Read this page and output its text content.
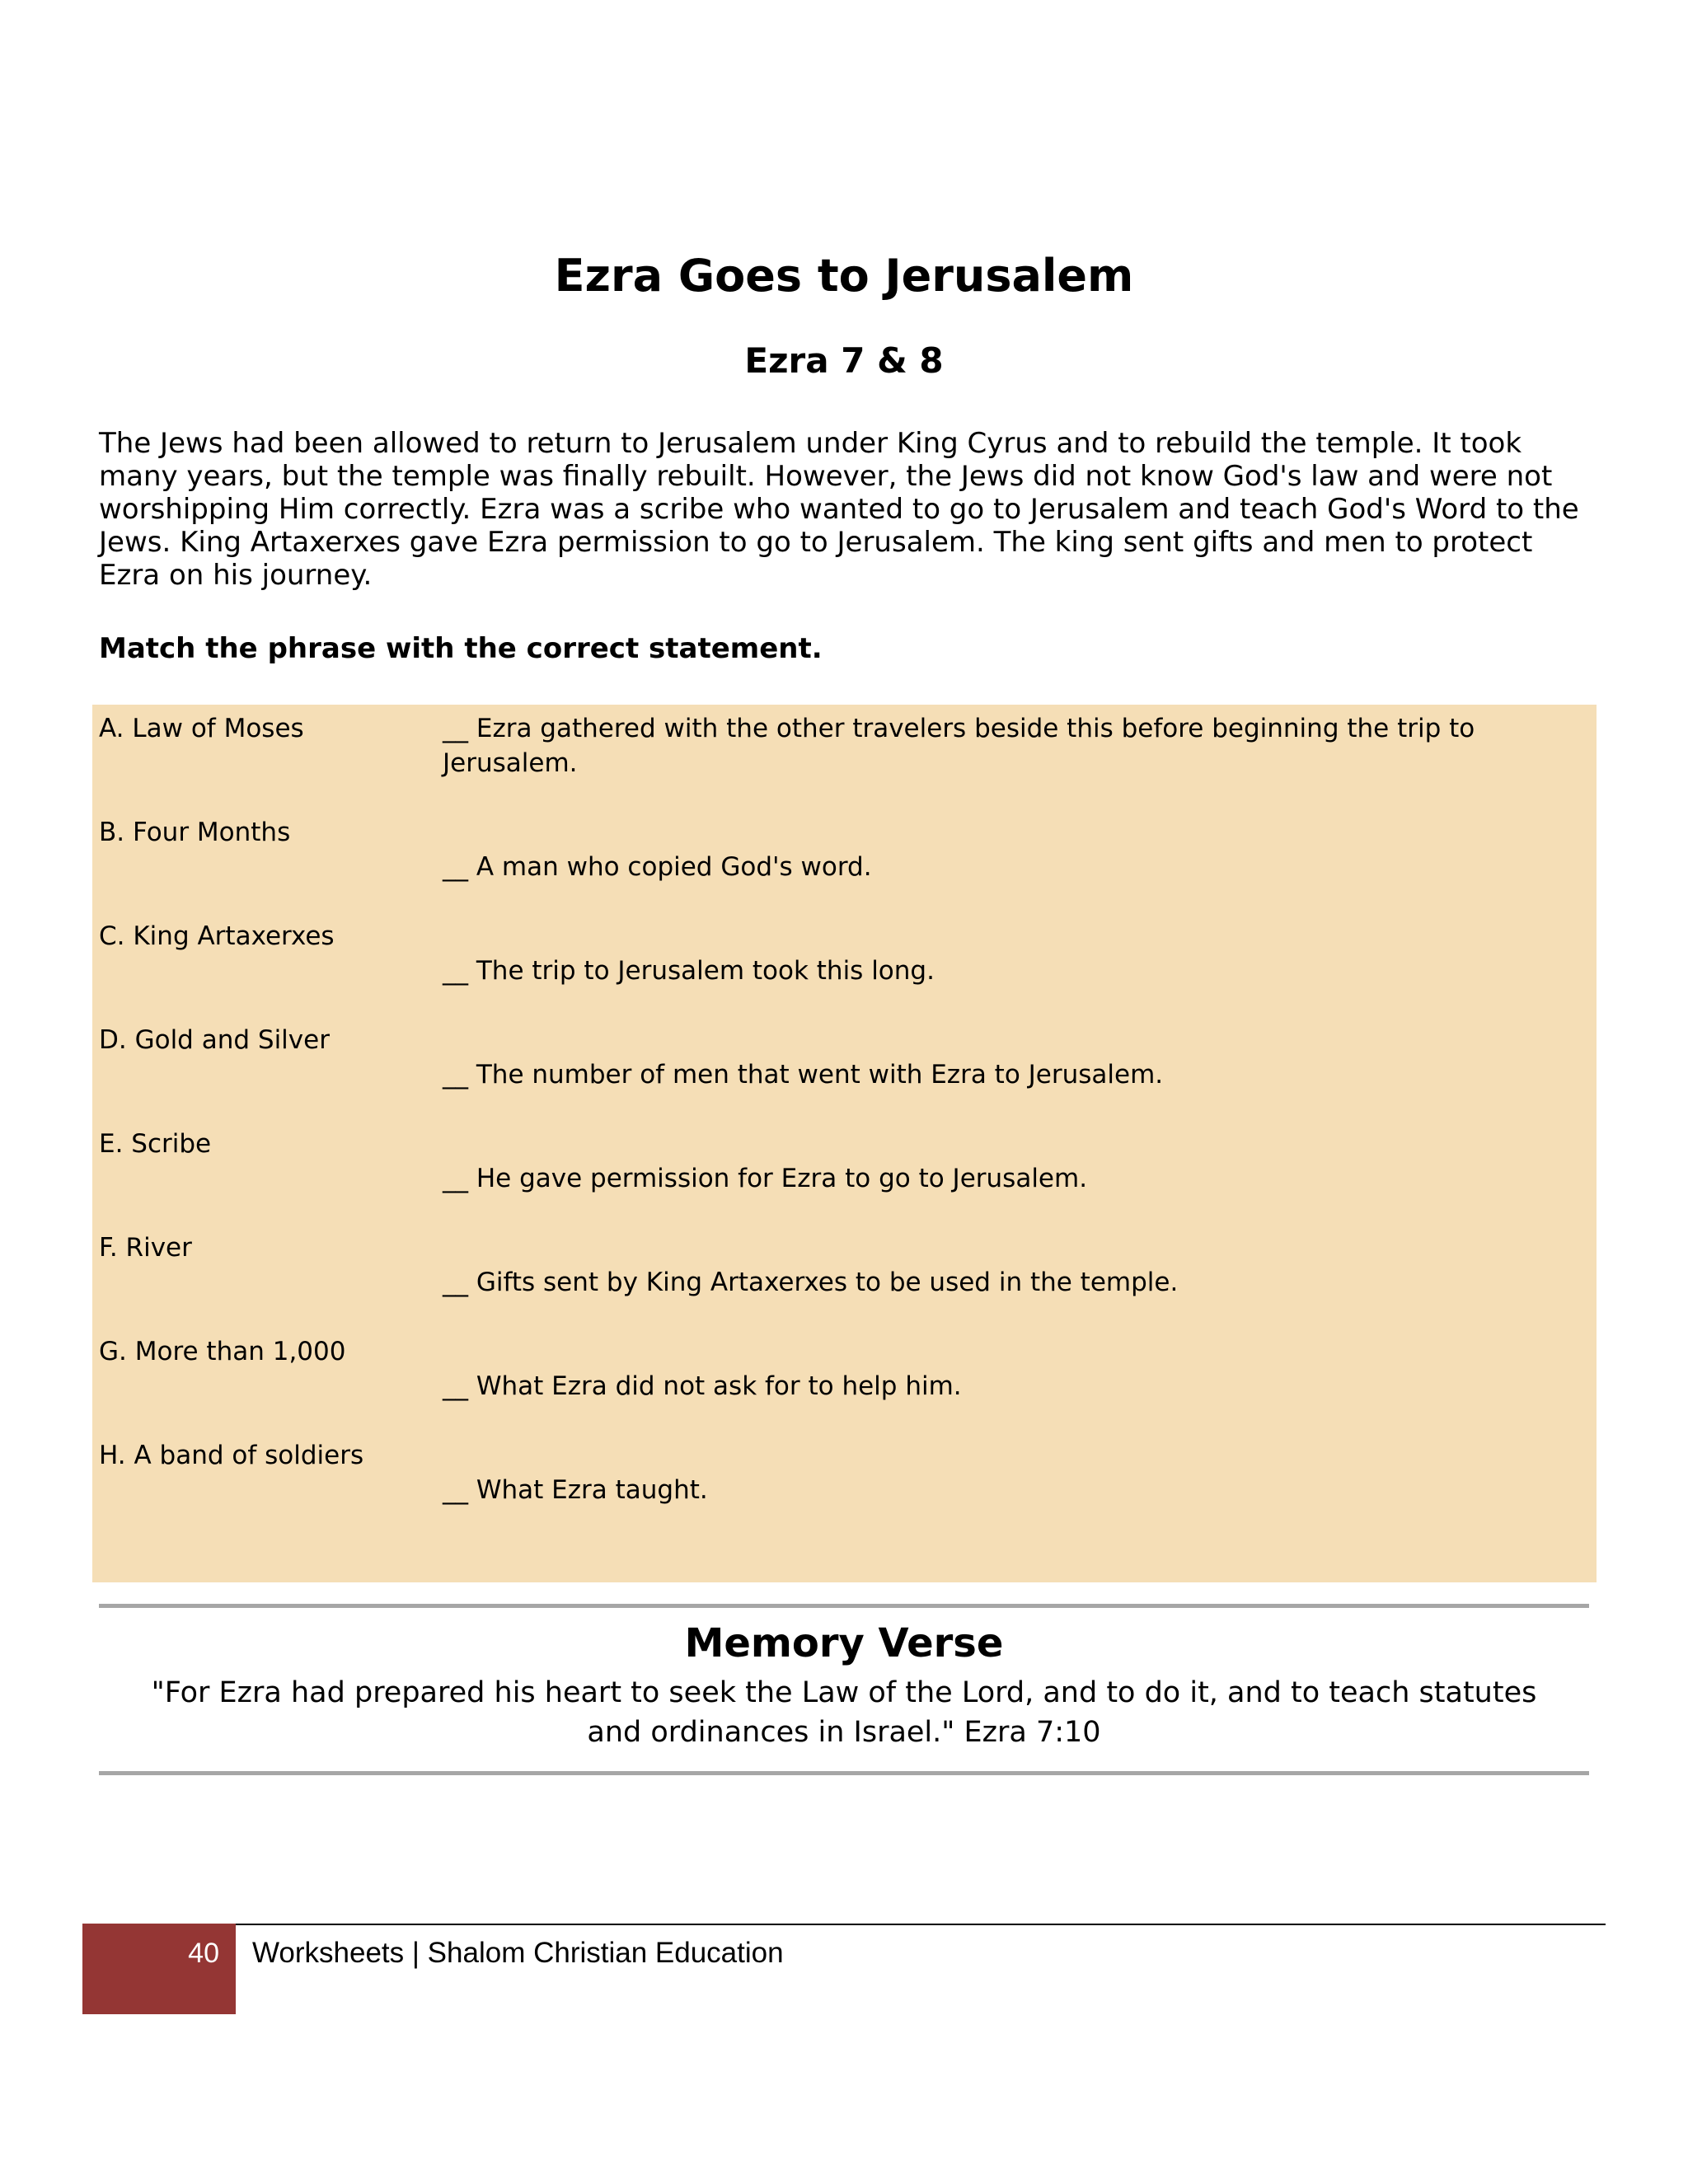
Ezra Goes to Jerusalem
Ezra 7 & 8

The Jews had been allowed to return to Jerusalem under King Cyrus and to rebuild the temple. It took many years, but the temple was finally rebuilt. However, the Jews did not know God's law and were not worshipping Him correctly. Ezra was a scribe who wanted to go to Jerusalem and teach God's Word to the Jews. King Artaxerxes gave Ezra permission to go to Jerusalem. The king sent gifts and men to protect Ezra on his journey.

Match the phrase with the correct statement.

A. Law of Moses	__ Ezra gathered with the other travelers beside this before beginning the trip to Jerusalem.
B. Four Months
__ A man who copied God's word.
C. King Artaxerxes
__ The trip to Jerusalem took this long.
D. Gold and Silver
__ The number of men that went with Ezra to Jerusalem.
E. Scribe
__ He gave permission for Ezra to go to Jerusalem.
F. River
__ Gifts sent by King Artaxerxes to be used in the temple.
G. More than 1,000
__ What Ezra did not ask for to help him.
H. A band of soldiers
__ What Ezra taught.
Memory Verse

"For Ezra had prepared his heart to seek the Law of the Lord, and to do it, and to teach statutes and ordinances in Israel." Ezra 7:10

40 Worksheets | Shalom Christian Education
